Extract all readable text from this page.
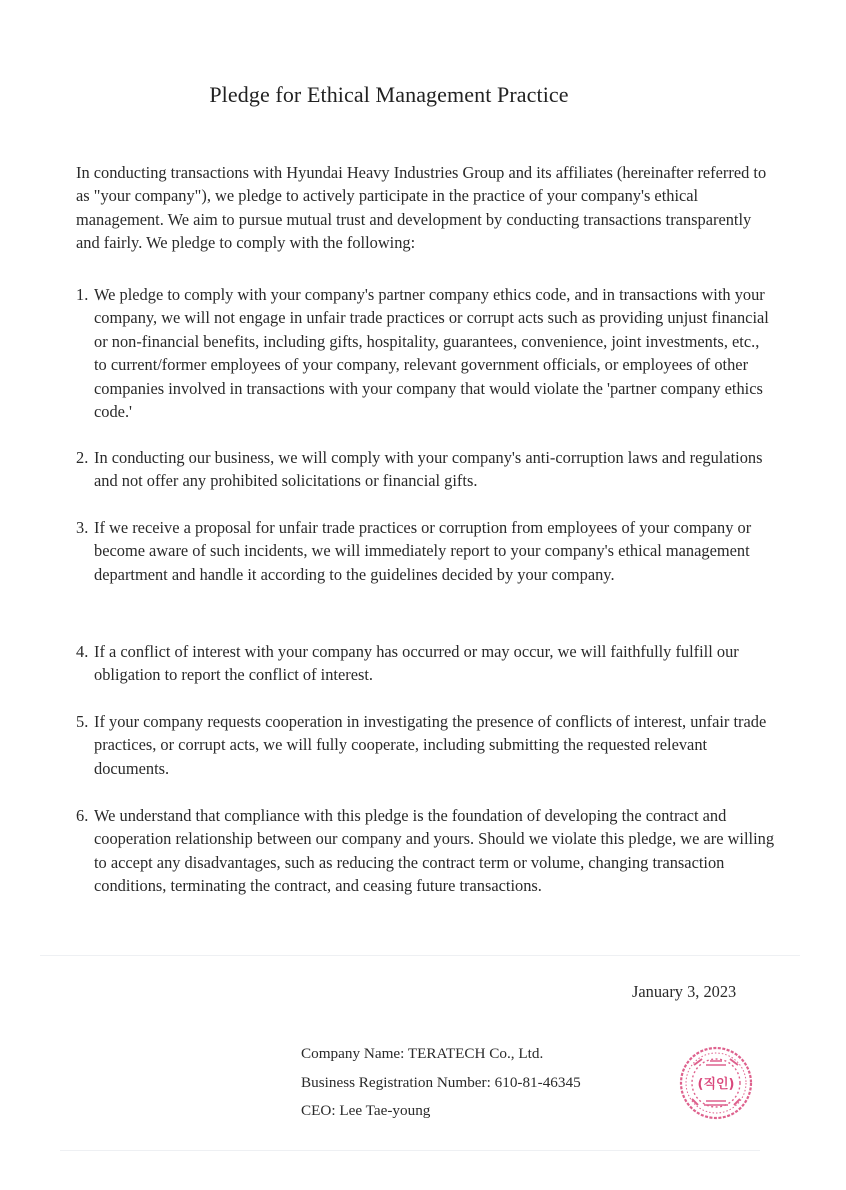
Pledge for Ethical Management Practice

In conducting transactions with Hyundai Heavy Industries Group and its affiliates (hereinafter referred to as "your company"), we pledge to actively participate in the practice of your company's ethical management. We aim to pursue mutual trust and development by conducting transactions transparently and fairly. We pledge to comply with the following:

1. We pledge to comply with your company's partner company ethics code, and in transactions with your company, we will not engage in unfair trade practices or corrupt acts such as providing unjust financial or non-financial benefits, including gifts, hospitality, guarantees, convenience, joint investments, etc., to current/former employees of your company, relevant government officials, or employees of other companies involved in transactions with your company that would violate the 'partner company ethics code.'
2. In conducting our business, we will comply with your company's anti-corruption laws and regulations and not offer any prohibited solicitations or financial gifts.
3. If we receive a proposal for unfair trade practices or corruption from employees of your company or become aware of such incidents, we will immediately report to your company's ethical management department and handle it according to the guidelines decided by your company.
4. If a conflict of interest with your company has occurred or may occur, we will faithfully fulfill our obligation to report the conflict of interest.
5. If your company requests cooperation in investigating the presence of conflicts of interest, unfair trade practices, or corrupt acts, we will fully cooperate, including submitting the requested relevant documents.
6. We understand that compliance with this pledge is the foundation of developing the contract and cooperation relationship between our company and yours. Should we violate this pledge, we are willing to accept any disadvantages, such as reducing the contract term or volume, changing transaction conditions, terminating the contract, and ceasing future transactions.
January 3, 2023
Company Name: TERATECH Co., Ltd.
Business Registration Number: 610-81-46345
CEO: Lee Tae-young
(직인)
